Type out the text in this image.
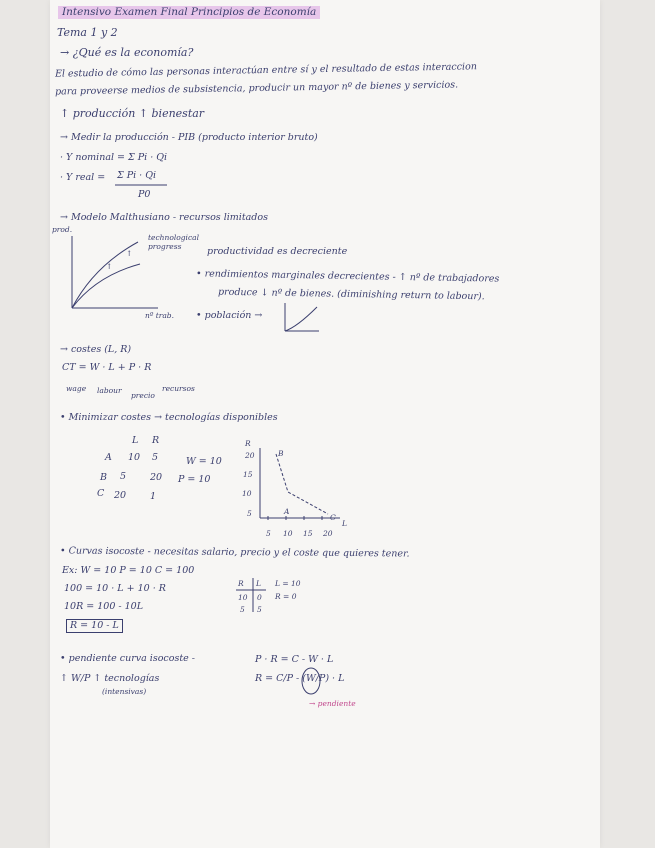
Intensivo Examen Final Principios de Economía
Tema 1 y 2
→ ¿Qué es la economía?
El estudio de cómo las personas interactúan entre sí y el resultado de estas interaccion
para proveerse medios de subsistencia, producir un mayor nº de bienes y servicios.
↑ producción ↑ bienestar
→ Medir la producción - PIB (producto interior bruto)
· Y nominal = Σ Pi · Qi
· Y real = Σ Pi · Qi
P0
→ Modelo Malthusiano - recursos limitados
prod.
technological progress
↑
↑
nº trab.
productividad es decreciente
• rendimientos marginales decrecientes - ↑ nº de trabajadores
produce ↓ nº de bienes. (diminishing return to labour).
• población →
→ costes (L, R)
CT = W · L + P · R
wage labour
precio
recursos
• Minimizar costes → tecnologías disponibles
L R
A 10 5
B 5	20
C 20	1
W = 10
P = 10
R
20
15
10
5
5 10 15 20
L
B
A
C
• Curvas isocoste - necesitas salario, precio y el coste que quieres tener.
Ex: W = 10 P = 10 C = 100
100 = 10 · L + 10 · R
10R = 100 - 10L
R = 10 - L
R L
10 0
5 5
L = 10
R = 0
• pendiente curva isocoste -	P · R = C - W · L
R = C/P - (W/P) · L
→ pendiente
↑ W/P ↑ tecnologías
(intensivas)
